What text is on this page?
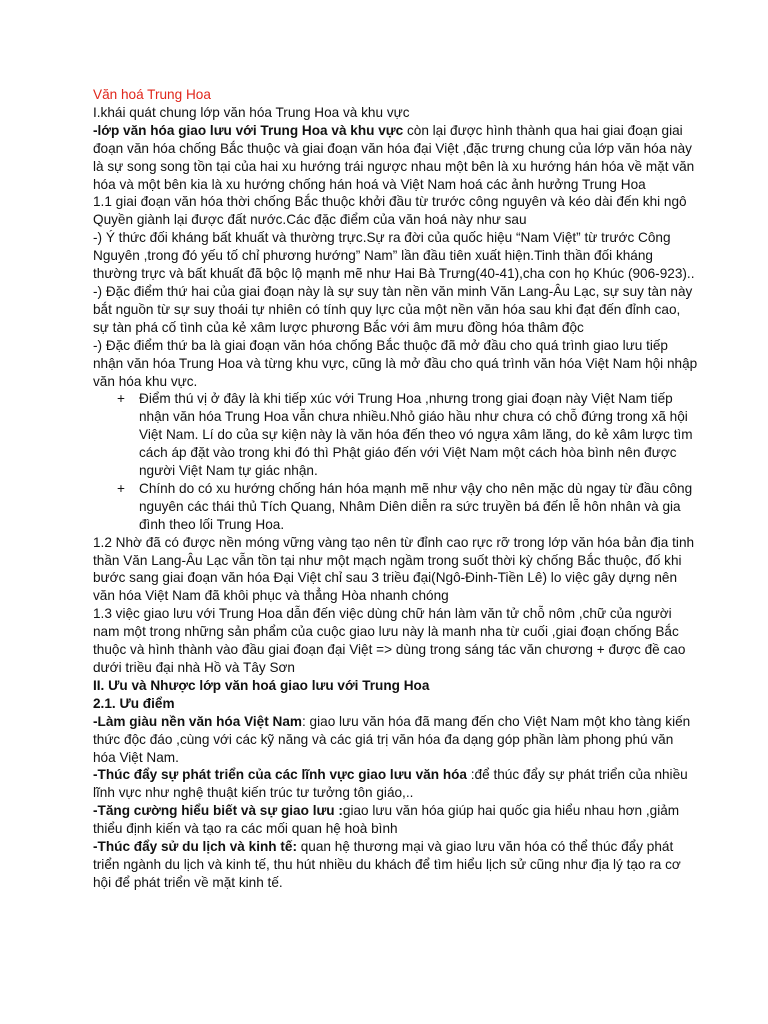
Văn hoá Trung Hoa

I.khái quát chung lớp văn hóa Trung Hoa và khu vực

-lớp văn hóa giao lưu với Trung Hoa và khu vực còn lại được hình thành qua hai giai đoạn giai đoạn văn hóa chống Bắc thuộc và giai đoạn văn hóa đại Việt ,đặc trưng chung của lớp văn hóa này là sự song song tồn tại của hai xu hướng trái ngược nhau một bên là xu hướng hán hóa về mặt văn hóa và một bên kia là xu hướng chống hán hoá và Việt Nam hoá các ảnh hưởng Trung Hoa

1.1 giai đoạn văn hóa thời chống Bắc thuộc khởi đầu từ trước công nguyên và kéo dài đến khi ngô Quyền giành lại được đất nước.Các đặc điểm của văn hoá này như sau

-) Ý thức đối kháng bất khuất và thường trực.Sự ra đời của quốc hiệu “Nam Việt” từ trước Công Nguyên ,trong đó yếu tố chỉ phương hướng” Nam” lần đầu tiên xuất hiện.Tinh thần đối kháng thường trực và bất khuất đã bộc lộ mạnh mẽ như Hai Bà Trưng(40-41),cha con họ Khúc (906-923)..

-) Đặc điểm thứ hai của giai đoạn này là sự suy tàn nền văn minh Văn Lang-Âu Lạc, sự suy tàn này bắt nguồn từ sự suy thoái tự nhiên có tính quy lực của một nền văn hóa sau khi đạt đến đỉnh cao, sự tàn phá cố tình của kẻ xâm lược phương Bắc với âm mưu đồng hóa thâm độc

-) Đặc điểm thứ ba là giai đoạn văn hóa chống Bắc thuộc đã mở đầu cho quá trình giao lưu tiếp nhận văn hóa Trung Hoa và từng khu vực, cũng là mở đầu cho quá trình văn hóa Việt Nam hội nhập văn hóa khu vực.

+ Điểm thú vị ở đây là khi tiếp xúc với Trung Hoa ,nhưng trong giai đoạn này Việt Nam tiếp nhận văn hóa Trung Hoa vẫn chưa nhiều.Nhỏ giáo hầu như chưa có chỗ đứng trong xã hội Việt Nam. Lí do của sự kiện này là văn hóa đến theo vó ngựa xâm lăng, do kẻ xâm lược tìm cách áp đặt vào trong khi đó thì Phật giáo đến với Việt Nam một cách hòa bình nên được người Việt Nam tự giác nhận.

+ Chính do có xu hướng chống hán hóa mạnh mẽ như vậy cho nên mặc dù ngay từ đầu công nguyên các thái thủ Tích Quang, Nhâm Diên diễn ra sức truyền bá đến lễ hôn nhân và gia đình theo lối Trung Hoa.

1.2 Nhờ đã có được nền móng vững vàng tạo nên từ đỉnh cao rực rỡ trong lớp văn hóa bản địa tinh thần Văn Lang-Âu Lạc vẫn tồn tại như một mạch ngầm trong suốt thời kỳ chống Bắc thuộc, đố khi bước sang giai đoạn văn hóa Đại Việt chỉ sau 3 triều đại(Ngô-Đinh-Tiền Lê) lo việc gây dựng nên văn hóa Việt Nam đã khôi phục và thẳng Hòa nhanh chóng

1.3 việc giao lưu với Trung Hoa dẫn đến việc dùng chữ hán làm văn tử chỗ nôm ,chữ của người nam một trong những sản phẩm của cuộc giao lưu này là manh nha từ cuối ,giai đoạn chống Bắc thuộc và hình thành vào đầu giai đoạn đại Việt => dùng trong sáng tác văn chương + được đề cao dưới triều đại nhà Hồ và Tây Sơn

II. Ưu và Nhược lớp văn hoá giao lưu với Trung Hoa

2.1. Ưu điểm

-Làm giàu nền văn hóa Việt Nam: giao lưu văn hóa đã mang đến cho Việt Nam một kho tàng kiến thức độc đáo ,cùng với các kỹ năng và các giá trị văn hóa đa dạng góp phần làm phong phú văn hóa Việt Nam.

-Thúc đẩy sự phát triển của các lĩnh vực giao lưu văn hóa :để thúc đẩy sự phát triển của nhiều lĩnh vực như nghệ thuật kiến trúc tư tưởng tôn giáo,..

-Tăng cường hiểu biết và sự giao lưu :giao lưu văn hóa giúp hai quốc gia hiểu nhau hơn ,giảm thiểu định kiến và tạo ra các mối quan hệ hoà bình

-Thúc đẩy sử du lịch và kinh tế: quan hệ thương mại và giao lưu văn hóa có thể thúc đẩy phát triển ngành du lịch và kinh tế, thu hút nhiều du khách để tìm hiểu lịch sử cũng như địa lý tạo ra cơ hội để phát triển về mặt kinh tế.
